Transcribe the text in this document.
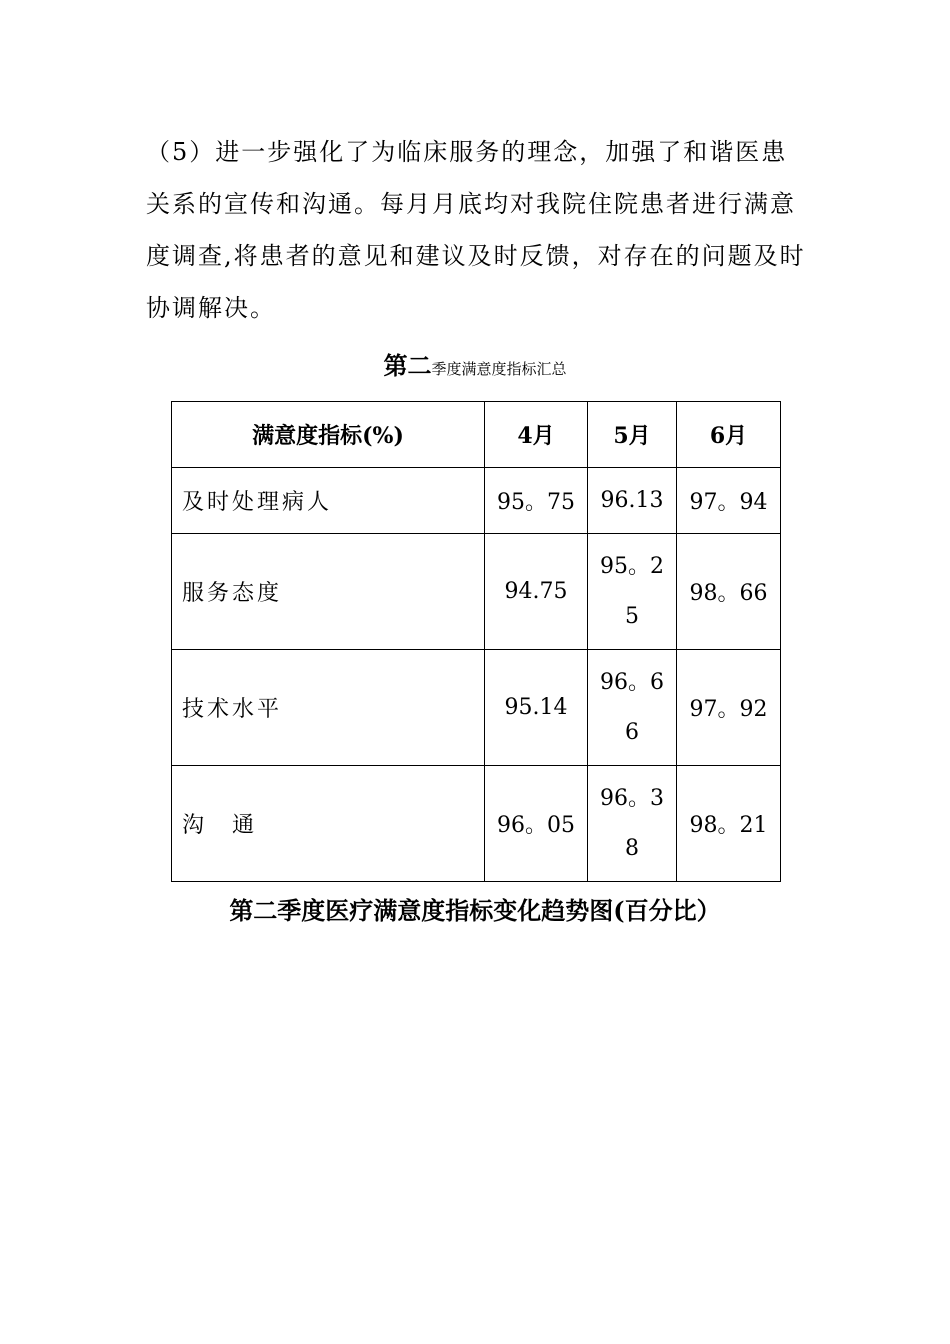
（5）进一步强化了为临床服务的理念，加强了和谐医患
关系的宣传和沟通。每月月底均对我院住院患者进行满意
度调查,将患者的意见和建议及时反馈，对存在的问题及时
协调解决。
第二季度满意度指标汇总
满意度指标(%)	4月	5月	6月
及时处理病人	95。75	96.13	97。94
服务态度	94.75	95。25	98。66
技术水平	95.14	96。66	97。92
沟　通	96。05	96。38	98。21
第二季度医疗满意度指标变化趋势图(百分比）
